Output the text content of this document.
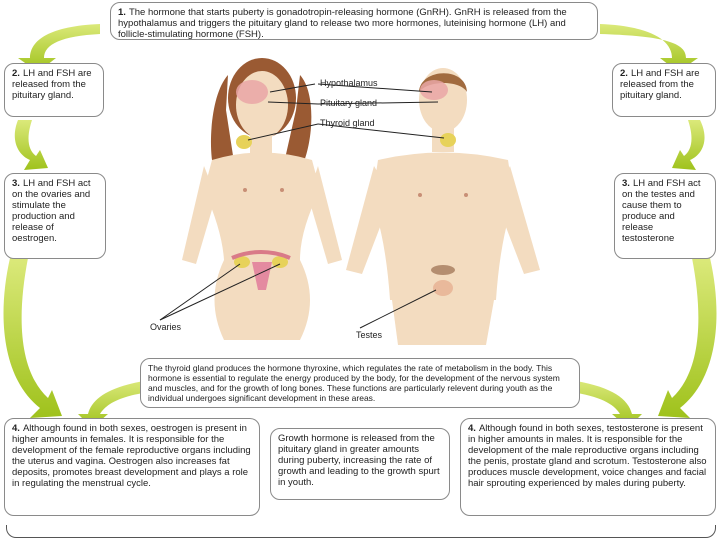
1. The hormone that starts puberty is gonadotropin-releasing hormone (GnRH). GnRH is released from the hypothalamus and triggers the pituitary gland to release two more hormones, luteinising hormone (LH) and follicle-stimulating hormone (FSH).
2. LH and FSH are released from the pituitary gland.
2. LH and FSH are released from the pituitary gland.
3. LH and FSH act on the ovaries and stimulate the production and release of oestrogen.
3. LH and FSH act on the testes and cause them to produce and release testosterone
Hypothalamus
Pituitary gland
Thyroid gland
Ovaries
Testes
The thyroid gland produces the hormone thyroxine, which regulates the rate of metabolism in the body. This hormone is essential to regulate the energy produced by the body, for the development of the nervous system and muscles, and for the growth of long bones. These functions are particularly relevent during youth as the individual undergoes significant development in these areas.
4. Although found in both sexes, oestrogen is present in higher amounts in females. It is responsible for the development of the female reproductive organs including the uterus and vagina. Oestrogen also increases fat deposits, promotes breast development and plays a role in regulating the menstrual cycle.
Growth hormone is released from the pituitary gland in greater amounts during puberty, increasing the rate of growth and leading to the growth spurt in youth.
4. Although found in both sexes, testosterone is present in higher amounts in males. It is responsible for the development of the male reproductive organs including the penis, prostate gland and scrotum. Testosterone also produces muscle development, voice changes and facial hair sprouting experienced by males during puberty.
